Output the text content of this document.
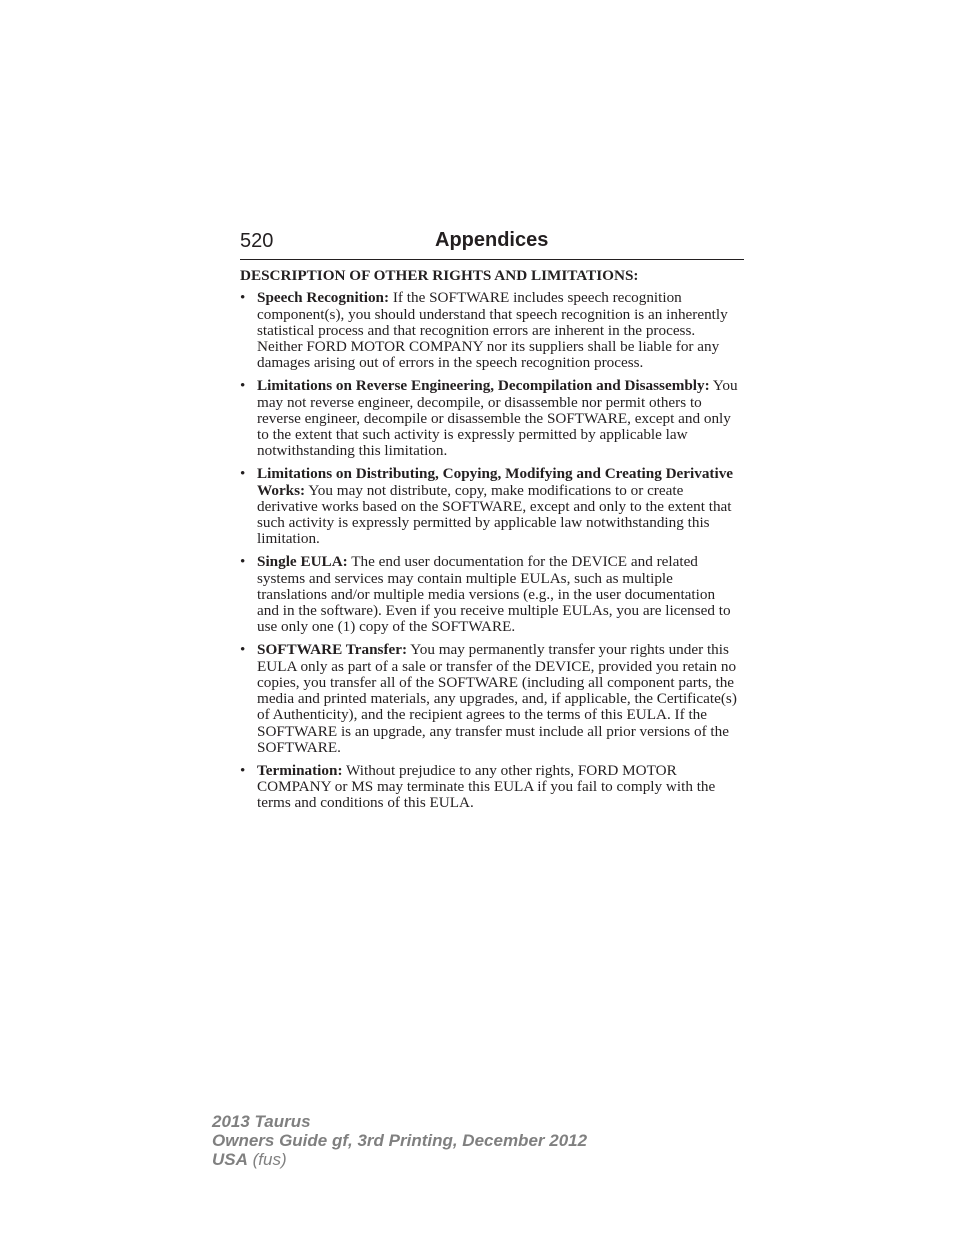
520	Appendices
DESCRIPTION OF OTHER RIGHTS AND LIMITATIONS:
• Speech Recognition: If the SOFTWARE includes speech recognition component(s), you should understand that speech recognition is an inherently statistical process and that recognition errors are inherent in the process. Neither FORD MOTOR COMPANY nor its suppliers shall be liable for any damages arising out of errors in the speech recognition process.
• Limitations on Reverse Engineering, Decompilation and Disassembly: You may not reverse engineer, decompile, or disassemble nor permit others to reverse engineer, decompile or disassemble the SOFTWARE, except and only to the extent that such activity is expressly permitted by applicable law notwithstanding this limitation.
• Limitations on Distributing, Copying, Modifying and Creating Derivative Works: You may not distribute, copy, make modifications to or create derivative works based on the SOFTWARE, except and only to the extent that such activity is expressly permitted by applicable law notwithstanding this limitation.
• Single EULA: The end user documentation for the DEVICE and related systems and services may contain multiple EULAs, such as multiple translations and/or multiple media versions (e.g., in the user documentation and in the software). Even if you receive multiple EULAs, you are licensed to use only one (1) copy of the SOFTWARE.
• SOFTWARE Transfer: You may permanently transfer your rights under this EULA only as part of a sale or transfer of the DEVICE, provided you retain no copies, you transfer all of the SOFTWARE (including all component parts, the media and printed materials, any upgrades, and, if applicable, the Certificate(s) of Authenticity), and the recipient agrees to the terms of this EULA. If the SOFTWARE is an upgrade, any transfer must include all prior versions of the SOFTWARE.
• Termination: Without prejudice to any other rights, FORD MOTOR COMPANY or MS may terminate this EULA if you fail to comply with the terms and conditions of this EULA.
2013 Taurus
Owners Guide gf, 3rd Printing, December 2012
USA (fus)
